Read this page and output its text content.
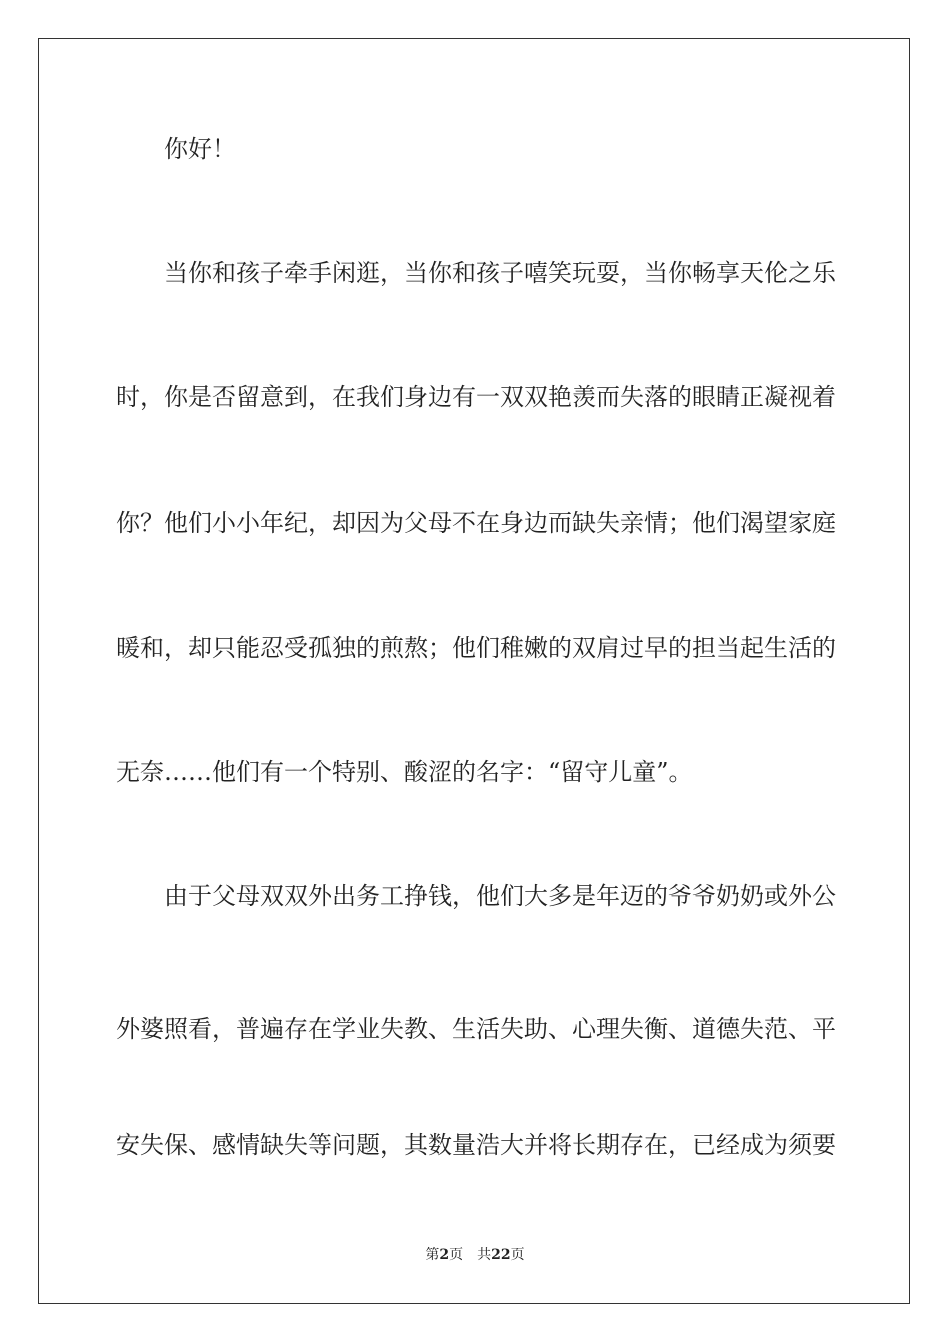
你好！
当你和孩子牵手闲逛，当你和孩子嘻笑玩耍，当你畅享天伦之乐
时，你是否留意到，在我们身边有一双双艳羡而失落的眼睛正凝视着
你？他们小小年纪，却因为父母不在身边而缺失亲情；他们渴望家庭
暖和，却只能忍受孤独的煎熬；他们稚嫩的双肩过早的担当起生活的
无奈……他们有一个特别、酸涩的名字：“留守儿童”。
由于父母双双外出务工挣钱，他们大多是年迈的爷爷奶奶或外公
外婆照看，普遍存在学业失教、生活失助、心理失衡、道德失范、平
安失保、感情缺失等问题，其数量浩大并将长期存在，已经成为须要
第2页 共22页
